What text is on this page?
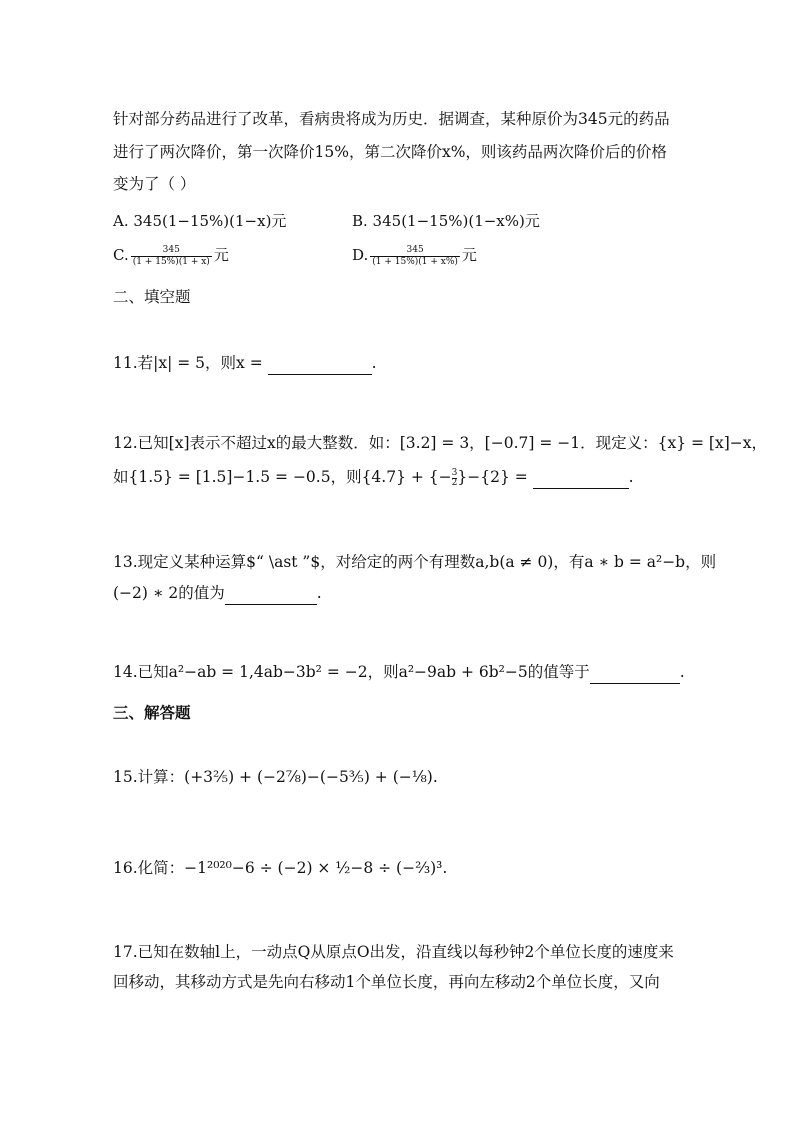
针对部分药品进行了改革，看病贵将成为历史．据调查，某种原价为345元的药品
进行了两次降价，第一次降价15%，第二次降价x%，则该药品两次降价后的价格
变为了（ ）
A. 345(1−15%)(1−x)元	B. 345(1−15%)(1−x%)元
C. $\frac{345}{(1 + 15\%)(1 + x)}$ 元	D. $\frac{345}{(1 + 15\%)(1 + x\%)}$ 元
二、填空题
11.若|x| = 5，则x =	.
12.已知[x]表示不超过x的最大整数．如：[3.2] = 3，[−0.7] = −1．现定义：{x} = [x]−x，
如{1.5} = [1.5]−1.5 = −0.5，则{4.7} + {− $\frac{3}{2} \}-\{2\}$ =	.
13.现定义某种运算$“ \ast ”$，对给定的两个有理数a,b(a ≠ 0)，有a ∗ b = a²−b，则
(−2) ∗ 2的值为	.
14.已知a²−ab = 1,4ab−3b² = −2，则a²−9ab + 6b²−5的值等于	.
三、解答题
15.计算：(+3⅖) + (−2⅞)−(−5⅗) + (−⅛).
16.化简：−1²⁰²⁰−6 ÷ (−2) × ½−8 ÷ (−⅔)³.
17.已知在数轴l上，一动点Q从原点O出发，沿直线以每秒钟2个单位长度的速度来
回移动，其移动方式是先向右移动1个单位长度，再向左移动2个单位长度，又向
